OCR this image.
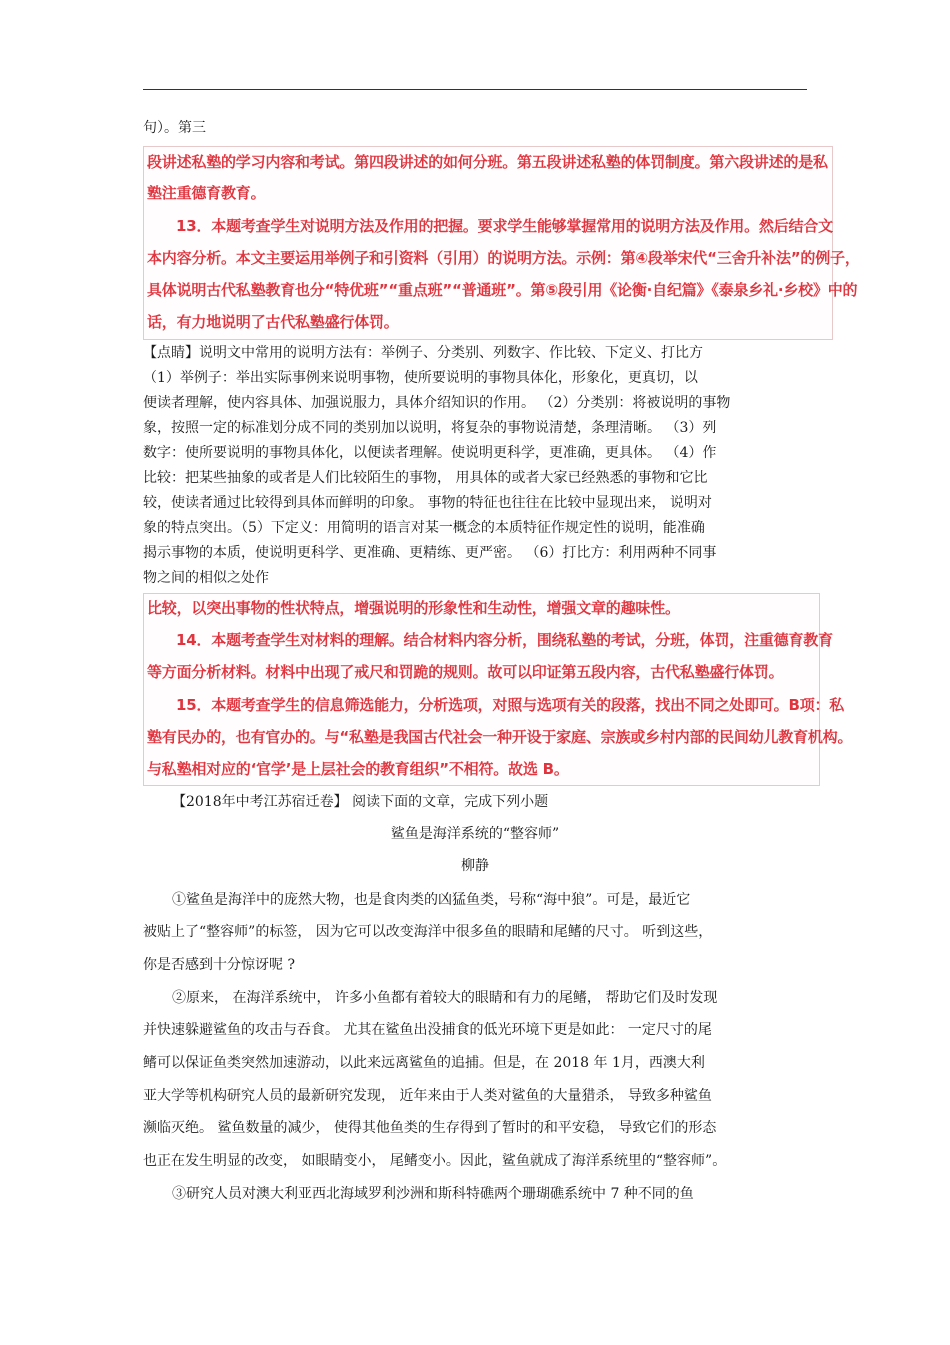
句）。第三
段讲述私塾的学习内容和考试。第四段讲述的如何分班。第五段讲述私塾的体罚制度。第六段讲述的是私
塾注重德育教育。
13．本题考查学生对说明方法及作用的把握。要求学生能够掌握常用的说明方法及作用。然后结合文
本内容分析。本文主要运用举例子和引资料（引用）的说明方法。示例：第④段举宋代“三舍升补法”的例子，
具体说明古代私塾教育也分“特优班”“重点班”“普通班”。第⑤段引用《论衡·自纪篇》《泰泉乡礼·乡校》中的
话，有力地说明了古代私塾盛行体罚。
【点睛】说明文中常用的说明方法有：举例子、分类别、列数字、作比较、下定义、打比方
（1）举例子：举出实际事例来说明事物，使所要说明的事物具体化，形象化，更真切，以
便读者理解，使内容具体、加强说服力，具体介绍知识的作用。 （2）分类别：将被说明的事物
象，按照一定的标准划分成不同的类别加以说明，将复杂的事物说清楚，条理清晰。 （3）列
数字：使所要说明的事物具体化，以便读者理解。使说明更科学，更准确，更具体。 （4）作
比较：把某些抽象的或者是人们比较陌生的事物， 用具体的或者大家已经熟悉的事物和它比
较，使读者通过比较得到具体而鲜明的印象。 事物的特征也往往在比较中显现出来， 说明对
象的特点突出。（5）下定义：用简明的语言对某一概念的本质特征作规定性的说明，能准确
揭示事物的本质，使说明更科学、更准确、更精练、更严密。 （6）打比方：利用两种不同事
物之间的相似之处作
比较，以突出事物的性状特点，增强说明的形象性和生动性，增强文章的趣味性。
14．本题考查学生对材料的理解。结合材料内容分析，围绕私塾的考试，分班，体罚，注重德育教育
等方面分析材料。材料中出现了戒尺和罚跪的规则。故可以印证第五段内容，古代私塾盛行体罚。
15．本题考查学生的信息筛选能力，分析选项，对照与选项有关的段落，找出不同之处即可。B项：私
塾有民办的，也有官办的。与“私塾是我国古代社会一种开设于家庭、宗族或乡村内部的民间幼儿教育机构。
与私塾相对应的‘官学’是上层社会的教育组织”不相符。故选 B。
【2018年中考江苏宿迁卷】 阅读下面的文章，完成下列小题
鲨鱼是海洋系统的“整容师”
柳静
①鲨鱼是海洋中的庞然大物，也是食肉类的凶猛鱼类，号称“海中狼”。可是，最近它
被贴上了“整容师”的标签， 因为它可以改变海洋中很多鱼的眼睛和尾鳍的尺寸。 听到这些，
你是否感到十分惊讶呢 ?
②原来， 在海洋系统中， 许多小鱼都有着较大的眼睛和有力的尾鳍， 帮助它们及时发现
并快速躲避鲨鱼的攻击与吞食。 尤其在鲨鱼出没捕食的低光环境下更是如此： 一定尺寸的尾
鳍可以保证鱼类突然加速游动，以此来远离鲨鱼的追捕。但是，在 2018 年 1月，西澳大利
亚大学等机构研究人员的最新研究发现， 近年来由于人类对鲨鱼的大量猎杀， 导致多种鲨鱼
濒临灭绝。 鲨鱼数量的减少， 使得其他鱼类的生存得到了暂时的和平安稳， 导致它们的形态
也正在发生明显的改变， 如眼睛变小， 尾鳍变小。因此，鲨鱼就成了海洋系统里的“整容师”。
③研究人员对澳大利亚西北海域罗利沙洲和斯科特礁两个珊瑚礁系统中 7 种不同的鱼
